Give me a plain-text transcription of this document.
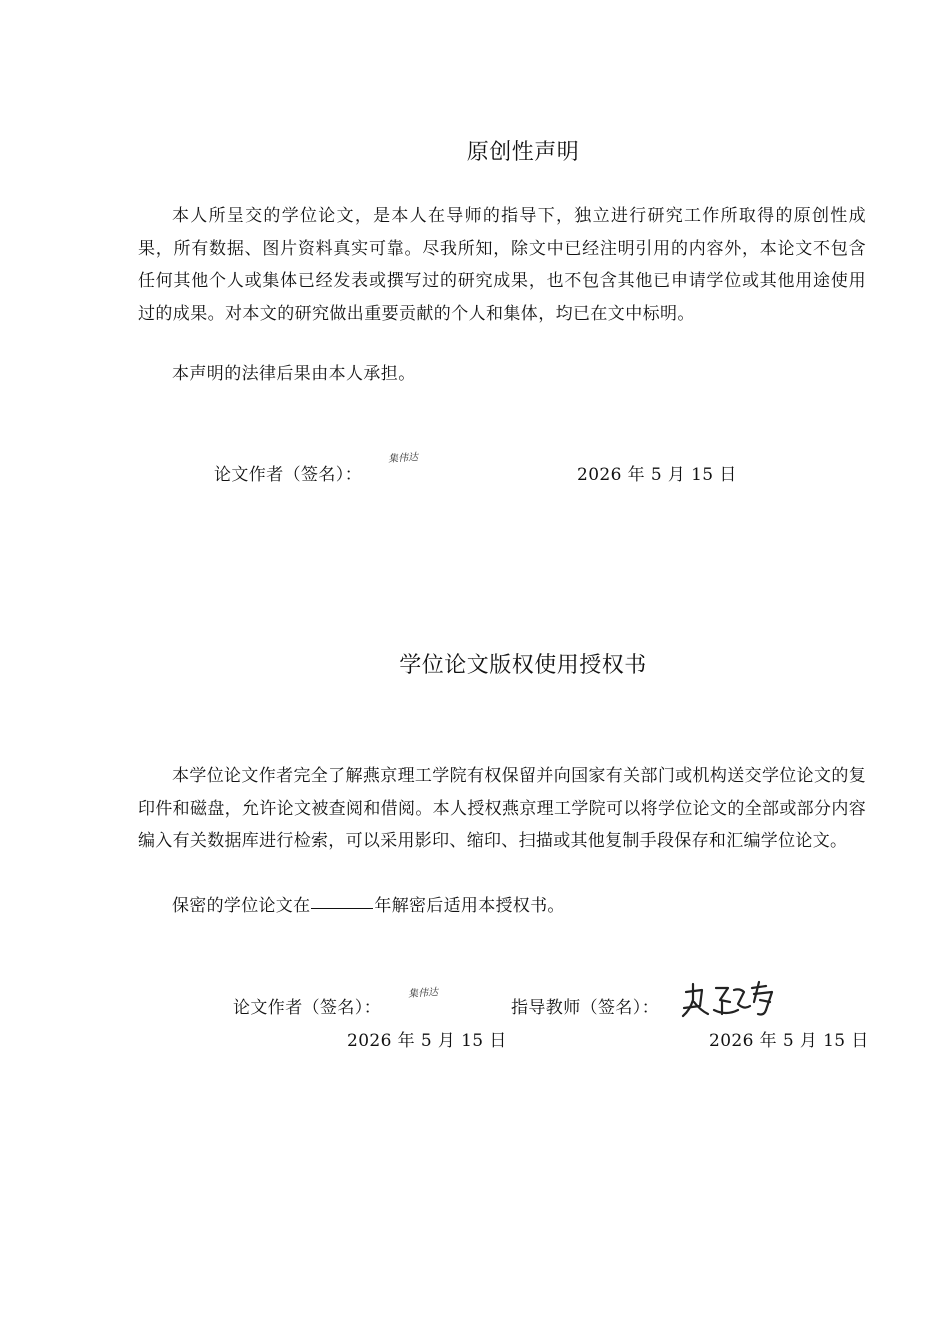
原创性声明
本人所呈交的学位论文，是本人在导师的指导下，独立进行研究工作所取得的原创性成果，所有数据、图片资料真实可靠。尽我所知，除文中已经注明引用的内容外，本论文不包含任何其他个人或集体已经发表或撰写过的研究成果，也不包含其他已申请学位或其他用途使用过的成果。对本文的研究做出重要贡献的个人和集体，均已在文中标明。
本声明的法律后果由本人承担。
论文作者（签名）：
集伟达
2026 年 5 月 15 日
学位论文版权使用授权书
本学位论文作者完全了解燕京理工学院有权保留并向国家有关部门或机构送交学位论文的复印件和磁盘，允许论文被查阅和借阅。本人授权燕京理工学院可以将学位论文的全部或部分内容编入有关数据库进行检索，可以采用影印、缩印、扫描或其他复制手段保存和汇编学位论文。
保密的学位论文在	年解密后适用本授权书。
论文作者（签名）：
集伟达
指导教师（签名）：
2026 年 5 月 15 日	2026 年 5 月 15 日
